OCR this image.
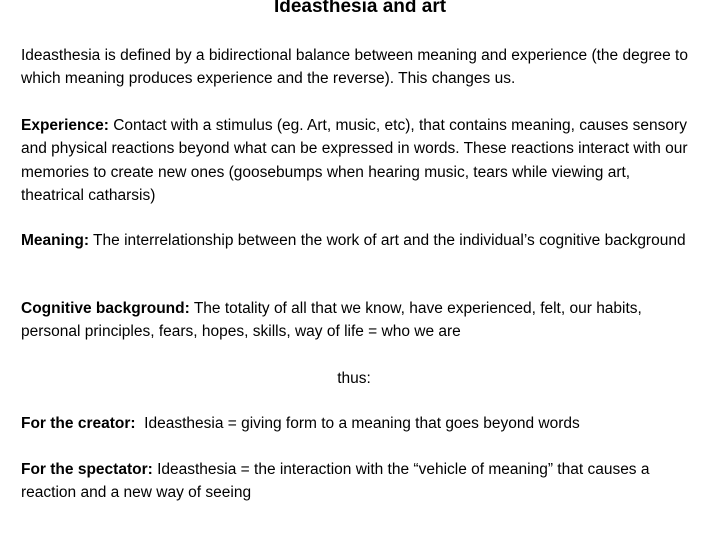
Ideasthesia and art

Ideasthesia is defined by a bidirectional balance between meaning and experience (the degree to which meaning produces experience and the reverse). This changes us.

Experience: Contact with a stimulus (eg. Art, music, etc), that contains meaning, causes sensory and physical reactions beyond what can be expressed in words. These reactions interact with our memories to create new ones (goosebumps when hearing music, tears while viewing art, theatrical catharsis)

Meaning: The interrelationship between the work of art and the individual’s cognitive background

Cognitive background: The totality of all that we know, have experienced, felt, our habits, personal principles, fears, hopes, skills, way of life = who we are

thus:

For the creator:  Ideasthesia = giving form to a meaning that goes beyond words

For the spectator: Ideasthesia = the interaction with the “vehicle of meaning” that causes a reaction and a new way of seeing
